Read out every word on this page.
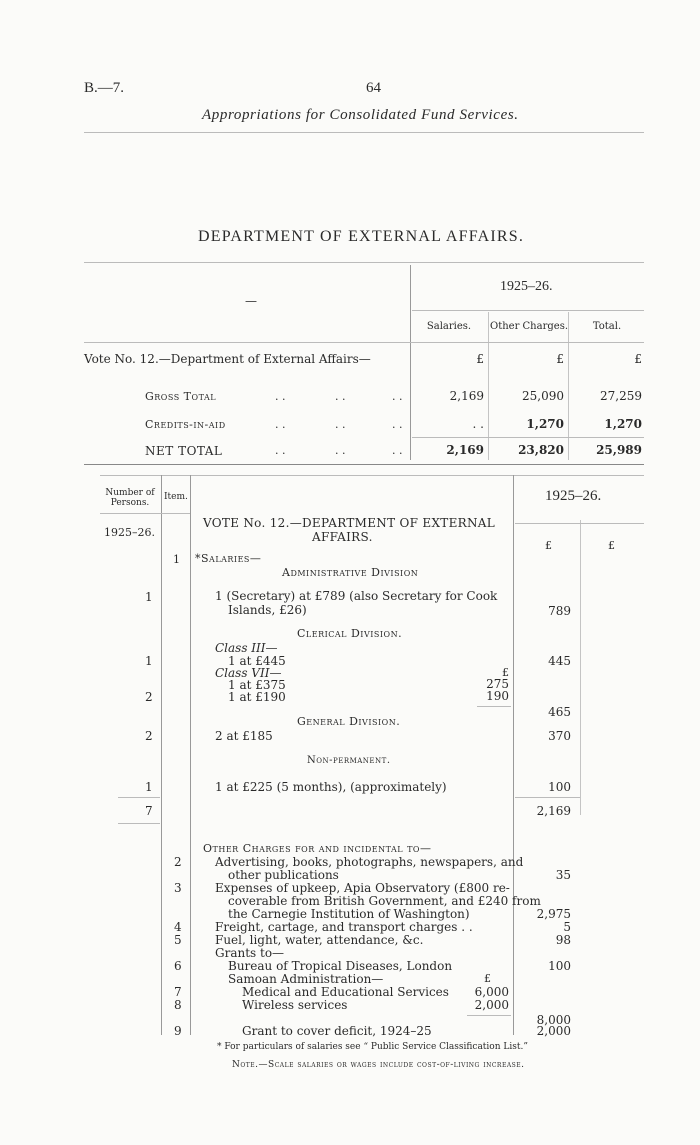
B.—7.	64
Appropriations for Consolidated Fund Services.
DEPARTMENT OF EXTERNAL AFFAIRS.
—
1925–26.
Salaries.	Other Charges.	Total.
Vote No. 12.—Department of External Affairs—	£	£	£
Gross Total	. .	. .	. .	2,169	25,090	27,259
Credits-in-aid	. .	. .	. .	. .	1,270	1,270
NET TOTAL	. .	. .	. .	2,169	23,820	25,989
Number of Persons.
Item.
1925–26.
1925–26.
£	£
VOTE No. 12.—DEPARTMENT OF EXTERNAL
AFFAIRS.
1 *Salaries—
Administrative Division
1	1 (Secretary) at £789 (also Secretary for Cook
Islands, £26)	789
Clerical Division.
Class III—
1	1 at £445	445
Class VII—	£
1 at £375	275
2	1 at £190	190
465
General Division.
2	2 at £185	370
Non-permanent.
1	1 at £225 (5 months), (approximately)	100
7	2,169
Other Charges for and incidental to—
2	Advertising, books, photographs, newspapers, and
other publications	35
3	Expenses of upkeep, Apia Observatory (£800 re-
coverable from British Government, and £240 from
the Carnegie Institution of Washington)	2,975
4	Freight, cartage, and transport charges . .	5
5	Fuel, light, water, attendance, &c.	98
Grants to—
6	Bureau of Tropical Diseases, London	100
Samoan Administration—	£
7	Medical and Educational Services	6,000
8	Wireless services	2,000
8,000
9	Grant to cover deficit, 1924–25	2,000
* For particulars of salaries see “ Public Service Classification List.”
Note.—Scale salaries or wages include cost-of-living increase.
